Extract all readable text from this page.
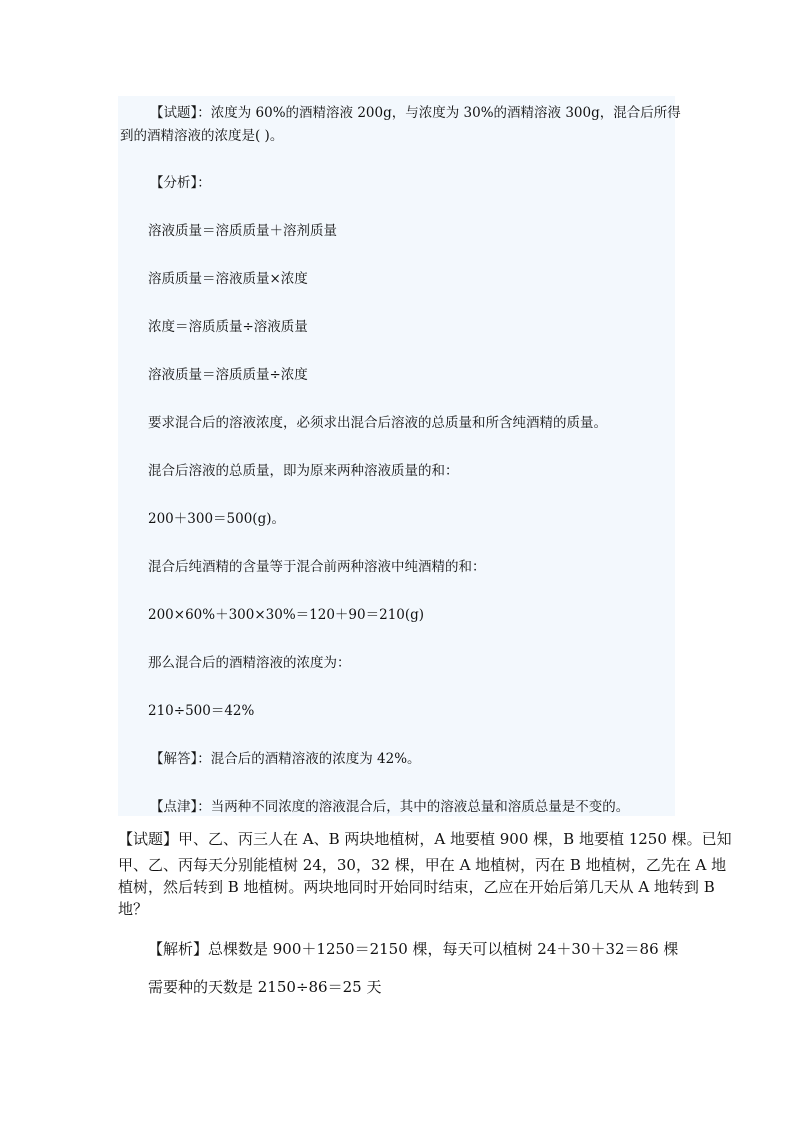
【试题】：浓度为 60%的酒精溶液 200g，与浓度为 30%的酒精溶液 300g，混合后所得
到的酒精溶液的浓度是( )。
【分析】：
溶液质量＝溶质质量＋溶剂质量
溶质质量＝溶液质量×浓度
浓度＝溶质质量÷溶液质量
溶液质量＝溶质质量÷浓度
要求混合后的溶液浓度，必须求出混合后溶液的总质量和所含纯酒精的质量。
混合后溶液的总质量，即为原来两种溶液质量的和：
200＋300＝500(g)。
混合后纯酒精的含量等于混合前两种溶液中纯酒精的和：
200×60%＋300×30%＝120＋90＝210(g)
那么混合后的酒精溶液的浓度为：
210÷500＝42%
【解答】：混合后的酒精溶液的浓度为 42%。
【点津】：当两种不同浓度的溶液混合后，其中的溶液总量和溶质总量是不变的。
【试题】甲、乙、丙三人在 A、B 两块地植树，A 地要植 900 棵，B 地要植 1250 棵。已知
甲、乙、丙每天分别能植树 24，30，32 棵，甲在 A 地植树，丙在 B 地植树，乙先在 A 地
植树，然后转到 B 地植树。两块地同时开始同时结束，乙应在开始后第几天从 A 地转到 B
地？
【解析】总棵数是 900＋1250＝2150 棵，每天可以植树 24＋30＋32＝86 棵
需要种的天数是 2150÷86＝25 天
